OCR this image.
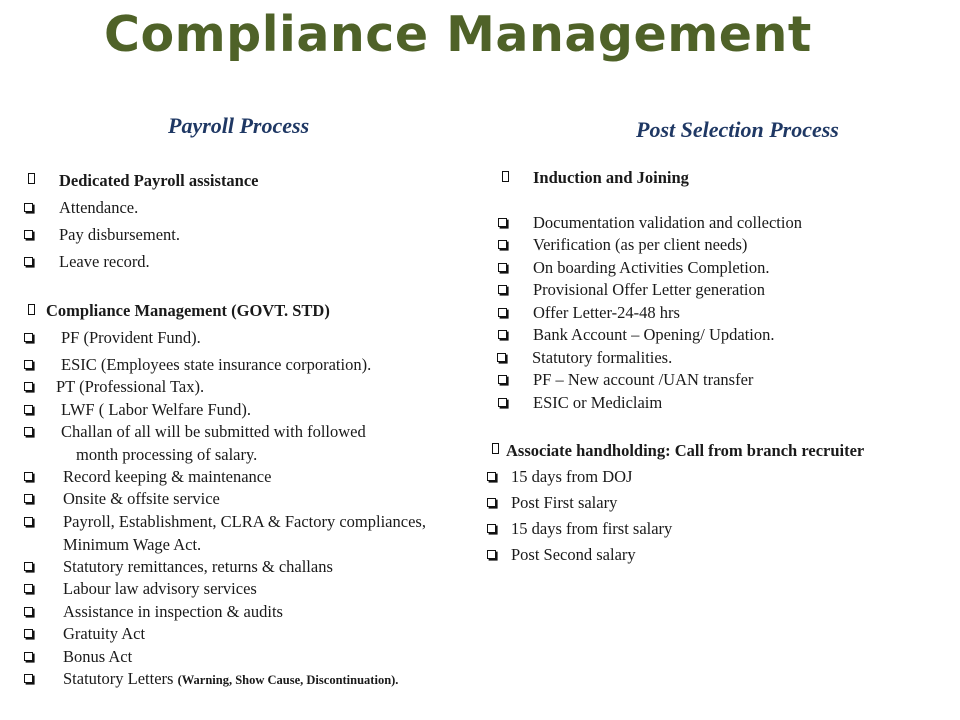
Compliance Management
Payroll Process
Dedicated Payroll assistance
Attendance.
Pay disbursement.
Leave record.
Compliance Management (GOVT. STD)
PF (Provident Fund).
ESIC (Employees state insurance corporation).
PT (Professional Tax).
LWF ( Labor Welfare Fund).
Challan of all will be submitted with followed
month processing of salary.
Record keeping & maintenance
Onsite & offsite service
Payroll, Establishment, CLRA & Factory compliances,
Minimum Wage Act.
Statutory remittances, returns & challans
Labour law advisory services
Assistance in inspection & audits
Gratuity Act
Bonus Act
Statutory Letters (Warning, Show Cause, Discontinuation).
Post Selection Process
Induction and Joining
Documentation validation and collection
Verification (as per client needs)
On boarding Activities Completion.
Provisional Offer Letter generation
Offer Letter-24-48 hrs
Bank Account – Opening/ Updation.
Statutory formalities.
PF – New account /UAN transfer
ESIC or Mediclaim
Associate handholding: Call from branch recruiter
15 days from DOJ
Post First salary
15 days from first salary
Post Second salary
